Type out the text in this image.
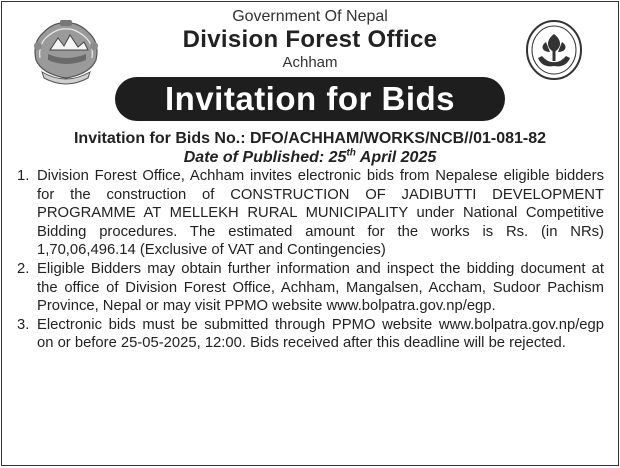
Government Of Nepal
Division Forest Office
Achham
Invitation for Bids
Invitation for Bids No.: DFO/ACHHAM/WORKS/NCB//01-081-82
Date of Published: 25th April 2025
1. Division Forest Office, Achham invites electronic bids from Nepalese eligible bidders for the construction of CONSTRUCTION OF JADIBUTTI DEVELOPMENT PROGRAMME AT MELLEKH RURAL MUNICIPALITY under National Competitive Bidding procedures. The estimated amount for the works is Rs. (in NRs) 1,70,06,496.14 (Exclusive of VAT and Contingencies)
2. Eligible Bidders may obtain further information and inspect the bidding document at the office of Division Forest Office, Achham, Mangalsen, Accham, Sudoor Pachism Province, Nepal or may visit PPMO website www.bolpatra.gov.np/egp.
3. Electronic bids must be submitted through PPMO website www.bolpatra.gov.np/egp on or before 25-05-2025, 12:00. Bids received after this deadline will be rejected.
